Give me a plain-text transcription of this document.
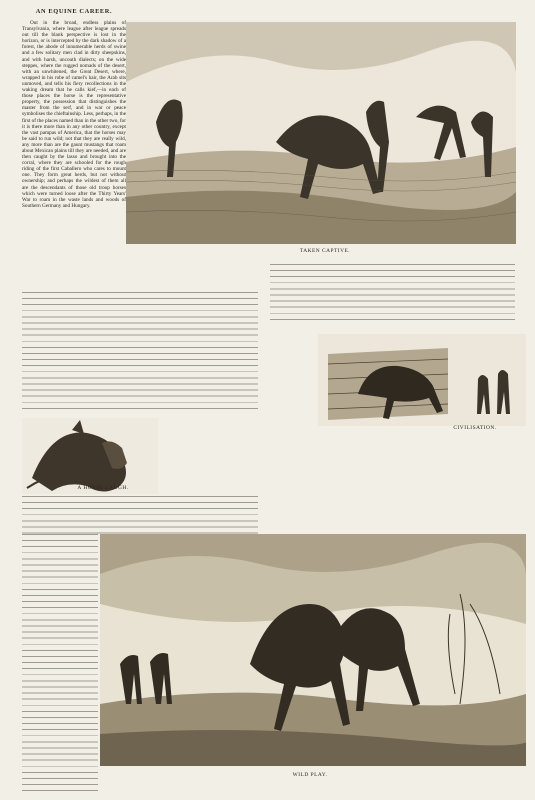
AN EQUINE CAREER.

Out in the broad, endless plains of Transylvania, where league after league spreads out till the blank perspective is lost in the horizon, or is intercepted by the dark shadow of a forest, the abode of innumerable herds of swine and a few solitary men clad in dirty sheepskins, and with harsh, uncouth dialects; on the wide steppes, where the rugged nomads of the desert, with an unwhitened, the Great Desert, where, wrapped in his robe of camel's hair, the Arab sits unmoved, and tells his fiery recollections in the waking dream that he calls kief,—in each of those places the horse is the representative property, the possession that distinguishes the master from the serf, and in war or peace symbolises the chieftainship. Less, perhaps, in the first of the places named than in the other two, for it is there more than in any other country, except the vast pampas of America, that the horses may be said to run wild; not that they are really wild, any more than are the gaunt mustangs that roam about Mexican plains till they are needed, and are then caught by the lasso and brought into the corral, where they are schooled for the rough riding of the first Caballero who cares to mount one. They form great herds, but not without ownership; and perhaps the wildest of them all are the descendants of those old troop horses which were turned loose after the Thirty Years' War to roam in the waste lands and woods of Southern Germany and Hungary.

TAKEN CAPTIVE.
A HORSE LAUGH.
CIVILISATION.
WILD PLAY.
